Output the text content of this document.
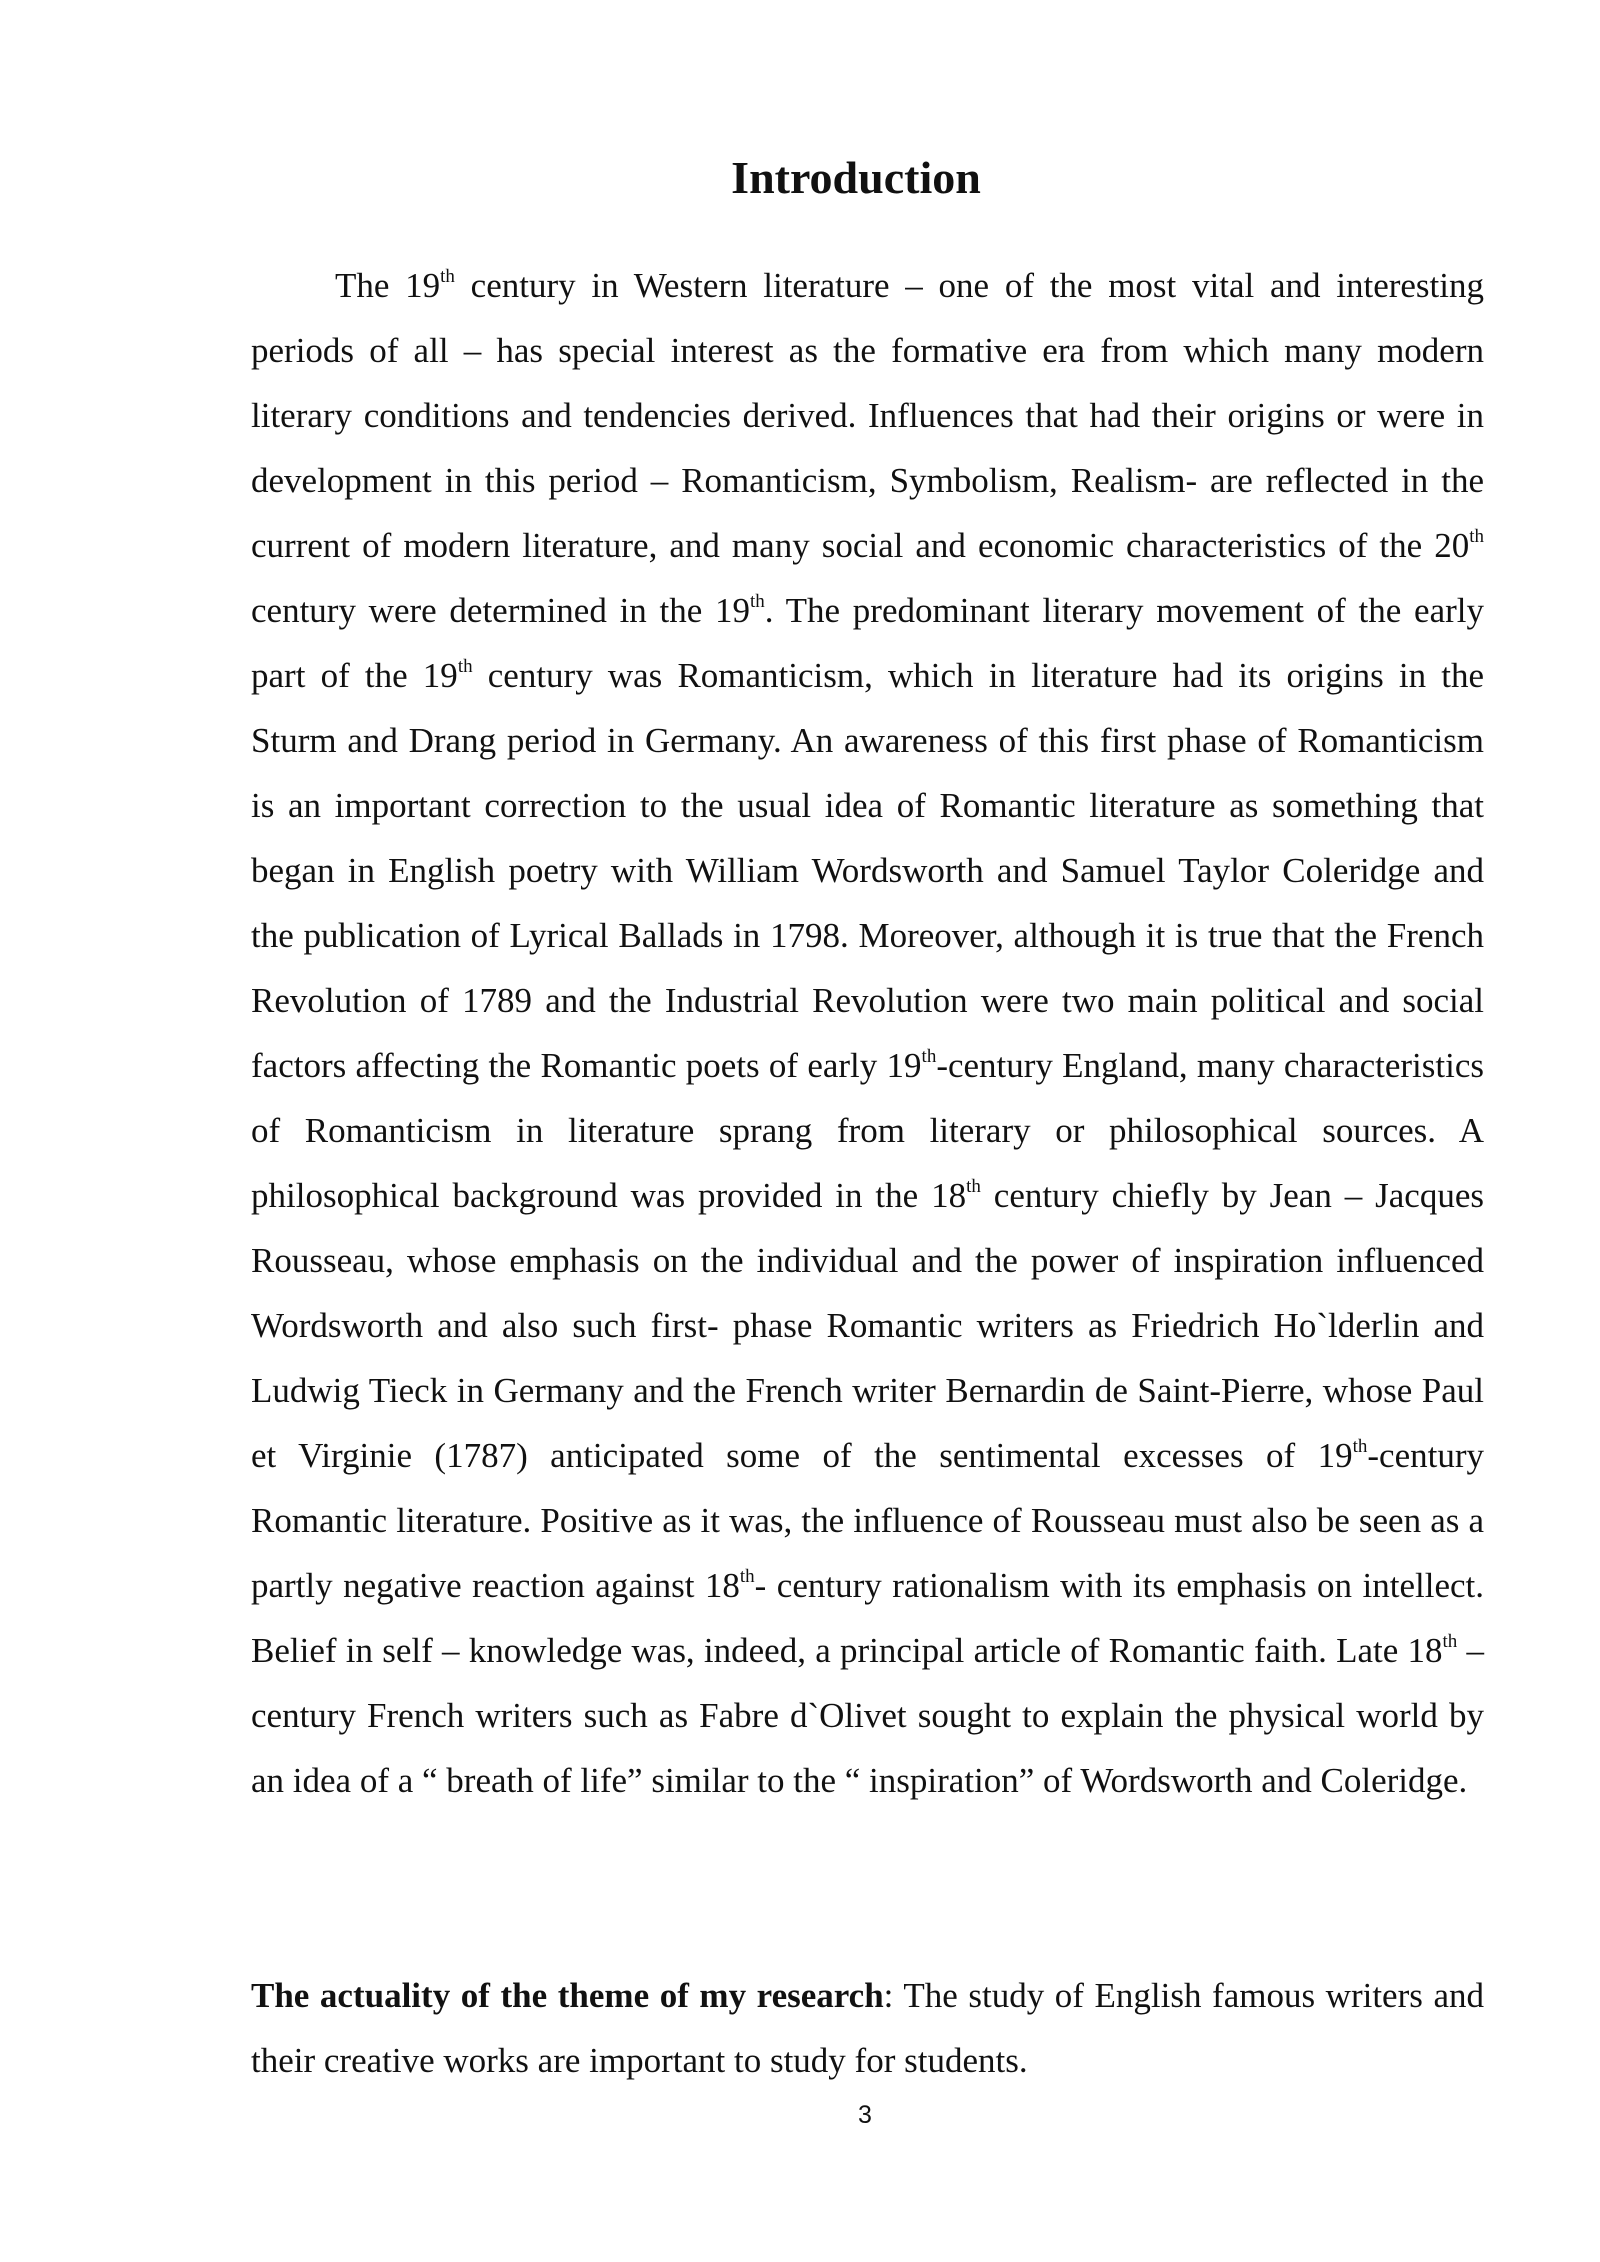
Introduction

The 19th century in Western literature – one of the most vital and interesting periods of all – has special interest as the formative era from which many modern literary conditions and tendencies derived. Influences that had their origins or were in development in this period – Romanticism, Symbolism, Realism- are reflected in the current of modern literature, and many social and economic characteristics of the 20th century were determined in the 19th. The predominant literary movement of the early part of the 19th century was Romanticism, which in literature had its origins in the Sturm and Drang period in Germany. An awareness of this first phase of Romanticism is an important correction to the usual idea of Romantic literature as something that began in English poetry with William Wordsworth and Samuel Taylor Coleridge and the publication of Lyrical Ballads in 1798. Moreover, although it is true that the French Revolution of 1789 and the Industrial Revolution were two main political and social factors affecting the Romantic poets of early 19th-century England, many characteristics of Romanticism in literature sprang from literary or philosophical sources. A philosophical background was provided in the 18th century chiefly by Jean – Jacques Rousseau, whose emphasis on the individual and the power of inspiration influenced Wordsworth and also such first- phase Romantic writers as Friedrich Ho`lderlin and Ludwig Tieck in Germany and the French writer Bernardin de Saint-Pierre, whose Paul et Virginie (1787) anticipated some of the sentimental excesses of 19th-century Romantic literature. Positive as it was, the influence of Rousseau must also be seen as a partly negative reaction against 18th- century rationalism with its emphasis on intellect. Belief in self – knowledge was, indeed, a principal article of Romantic faith. Late 18th – century French writers such as Fabre d`Olivet sought to explain the physical world by an idea of a “ breath of life” similar to the “ inspiration” of Wordsworth and Coleridge.

The actuality of the theme of my research: The study of English famous writers and their creative works are important to study for students.

3
